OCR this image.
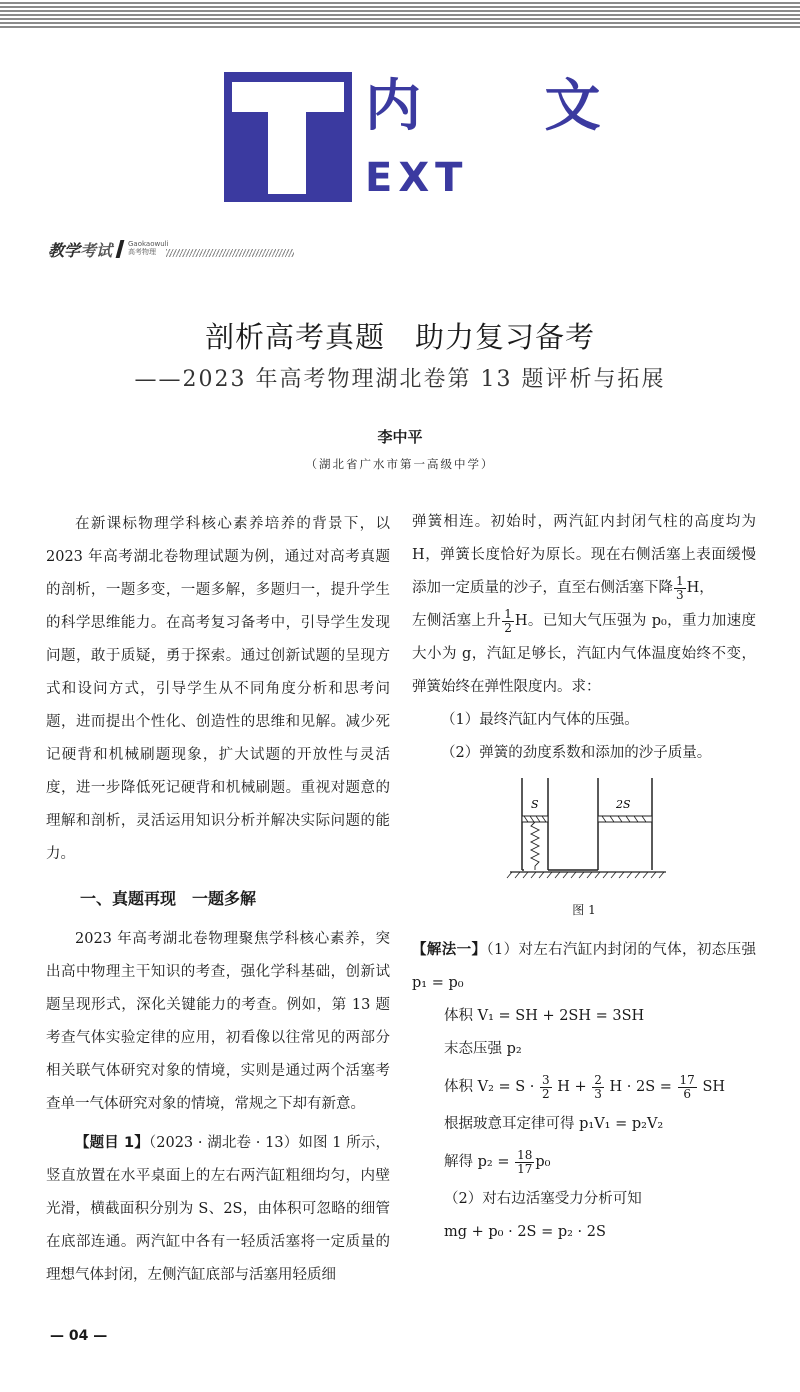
内 文
EXT
教学考试 Gaokaowuli
高考物理
剖析高考真题　助力复习备考
——2023 年高考物理湖北卷第 13 题评析与拓展
李中平
（湖北省广水市第一高级中学）

在新课标物理学科核心素养培养的背景下，以2023 年高考湖北卷物理试题为例，通过对高考真题的剖析，一题多变，一题多解，多题归一，提升学生的科学思维能力。在高考复习备考中，引导学生发现问题，敢于质疑，勇于探索。通过创新试题的呈现方式和设问方式，引导学生从不同角度分析和思考问题，进而提出个性化、创造性的思维和见解。减少死记硬背和机械刷题现象，扩大试题的开放性与灵活度，进一步降低死记硬背和机械刷题。重视对题意的理解和剖析，灵活运用知识分析并解决实际问题的能力。

一、真题再现　一题多解

2023 年高考湖北卷物理聚焦学科核心素养，突出高中物理主干知识的考查，强化学科基础，创新试题呈现形式，深化关键能力的考查。例如，第 13 题考查气体实验定律的应用，初看像以往常见的两部分相关联气体研究对象的情境，实则是通过两个活塞考查单一气体研究对象的情境，常规之下却有新意。

【题目 1】（2023 · 湖北卷 · 13）如图 1 所示，竖直放置在水平桌面上的左右两汽缸粗细均匀，内壁光滑，横截面积分别为 S、2S，由体积可忽略的细管在底部连通。两汽缸中各有一轻质活塞将一定质量的理想气体封闭，左侧汽缸底部与活塞用轻质细

弹簧相连。初始时，两汽缸内封闭气柱的高度均为 H，弹簧长度恰好为原长。现在右侧活塞上表面缓慢添加一定质量的沙子，直至右侧活塞下降 $\frac{1}{3}$ H，

左侧活塞上升 $\frac{1}{2}$ H。已知大气压强为 p₀，重力加速度大小为 g，汽缸足够长，汽缸内气体温度始终不变，弹簧始终在弹性限度内。求：

（1）最终汽缸内气体的压强。

（2）弹簧的劲度系数和添加的沙子质量。

S	2S
图 1

【解法一】（1）对左右汽缸内封闭的气体，初态压强 p₁ = p₀

体积 V₁ = SH + 2SH = 3SH

末态压强 p₂

体积 $V_2 = S \cdot \frac{3}{2}$ $H + \frac{2}{3}$ $H \cdot 2S = \frac{17}{6}$ SH

根据玻意耳定律可得 p₁V₁ = p₂V₂

解得 $p_2 = \frac{18}{17} p_0$

（2）对右边活塞受力分析可知

mg + p₀ · 2S = p₂ · 2S

— 04 —
